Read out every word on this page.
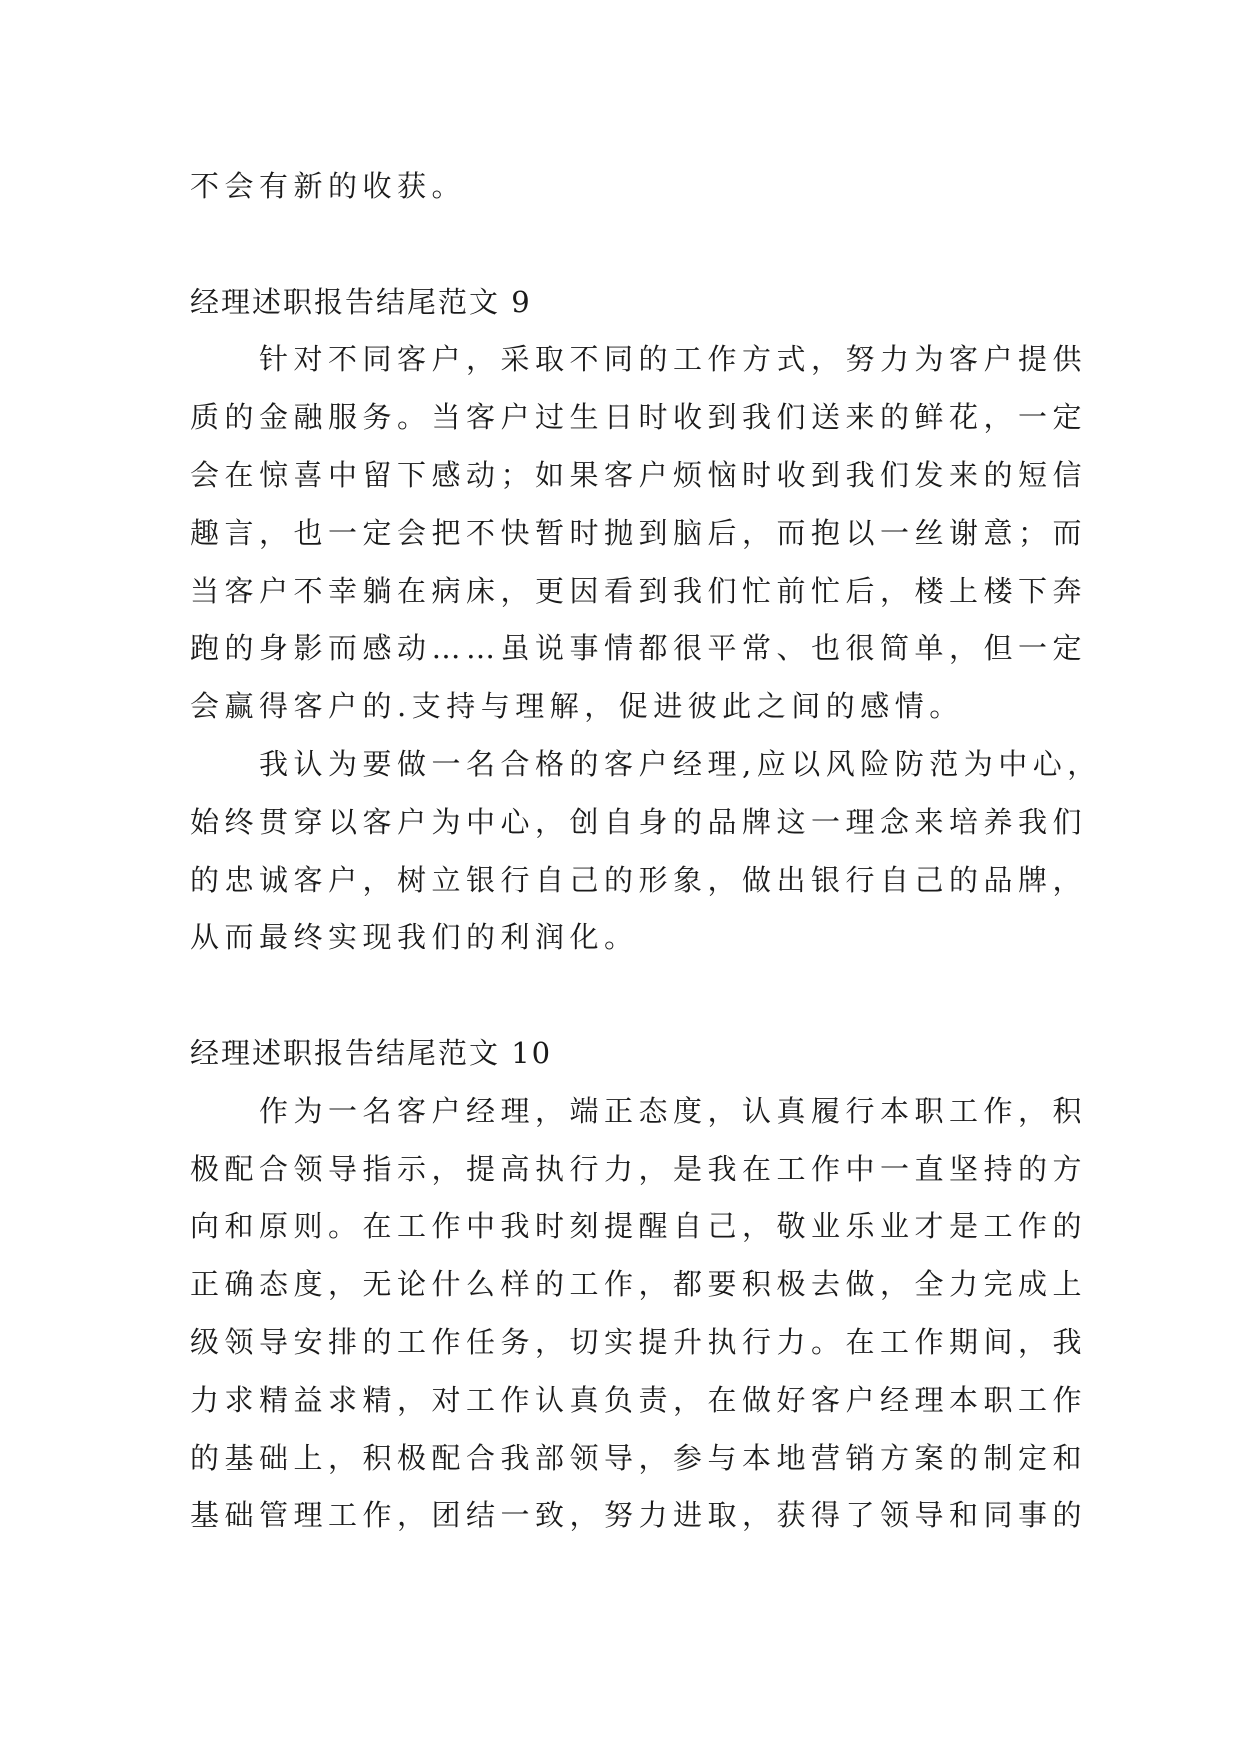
不会有新的收获。
经理述职报告结尾范文 9
　　针对不同客户，采取不同的工作方式，努力为客户提供
质的金融服务。当客户过生日时收到我们送来的鲜花，一定
会在惊喜中留下感动；如果客户烦恼时收到我们发来的短信
趣言，也一定会把不快暂时抛到脑后，而抱以一丝谢意；而
当客户不幸躺在病床，更因看到我们忙前忙后，楼上楼下奔
跑的身影而感动……虽说事情都很平常、也很简单，但一定
会赢得客户的.支持与理解，促进彼此之间的感情。
　　我认为要做一名合格的客户经理,应以风险防范为中心，
始终贯穿以客户为中心，创自身的品牌这一理念来培养我们
的忠诚客户，树立银行自己的形象，做出银行自己的品牌，
从而最终实现我们的利润化。
经理述职报告结尾范文 10
　　作为一名客户经理，端正态度，认真履行本职工作，积
极配合领导指示，提高执行力，是我在工作中一直坚持的方
向和原则。在工作中我时刻提醒自己，敬业乐业才是工作的
正确态度，无论什么样的工作，都要积极去做，全力完成上
级领导安排的工作任务，切实提升执行力。在工作期间，我
力求精益求精，对工作认真负责，在做好客户经理本职工作
的基础上，积极配合我部领导，参与本地营销方案的制定和
基础管理工作，团结一致，努力进取，获得了领导和同事的
